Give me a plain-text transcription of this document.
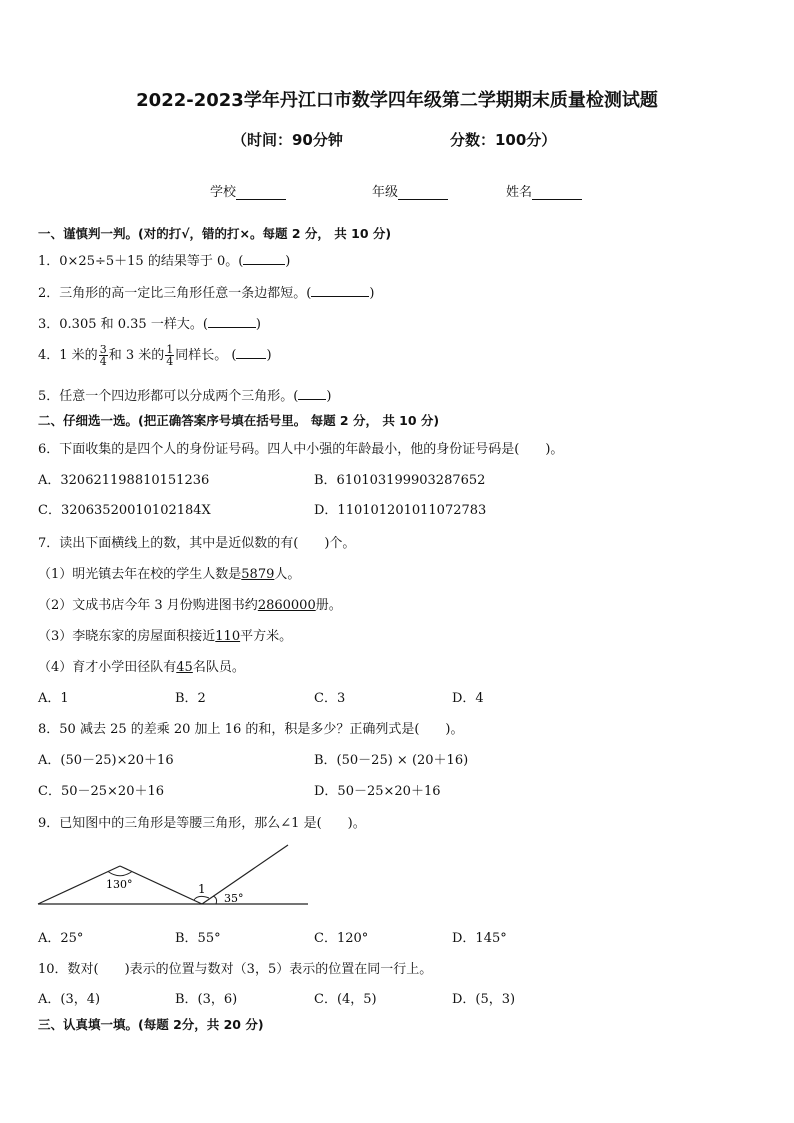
2022-2023学年丹江口市数学四年级第二学期期末质量检测试题
（时间：90分钟	分数：100分）
学校	年级	姓名
一、谨慎判一判。(对的打√，错的打×。每题 2 分， 共 10 分)
1．0×25÷5＋15 的结果等于 0。(	)
2．三角形的高一定比三角形任意一条边都短。(	)
3．0.305 和 0.35 一样大。(	)
4．1 米的 $\frac{3}{4}$ 和 3 米的 $\frac{1}{4}$ 同样长。 ( )
5．任意一个四边形都可以分成两个三角形。( )
二、仔细选一选。(把正确答案序号填在括号里。 每题 2 分， 共 10 分)
6．下面收集的是四个人的身份证号码。四人中小强的年龄最小，他的身份证号码是(　　)。
A．320621198810151236	B．610103199903287652
C．32063520010102184X	D．110101201011072783
7．读出下面横线上的数，其中是近似数的有(　　)个。
（1）明光镇去年在校的学生人数是5879人。
（2）文成书店今年 3 月份购进图书约2860000册。
（3）李晓东家的房屋面积接近110平方米。
（4）育才小学田径队有45名队员。
A．1	B．2	C．3	D．4
8．50 减去 25 的差乘 20 加上 16 的和，积是多少？正确列式是(　　)。
A．(50－25)×20＋16	B．(50－25) × (20＋16)
C．50－25×20＋16	D．50－25×20＋16
9．已知图中的三角形是等腰三角形，那么∠1 是(　　)。
130°	1
35°
A．25°	B．55°	C．120°	D．145°
10．数对(　　)表示的位置与数对（3，5）表示的位置在同一行上。
A．(3，4)	B．(3，6)	C．(4，5)	D．(5，3)
三、认真填一填。(每题 2分，共 20 分)
